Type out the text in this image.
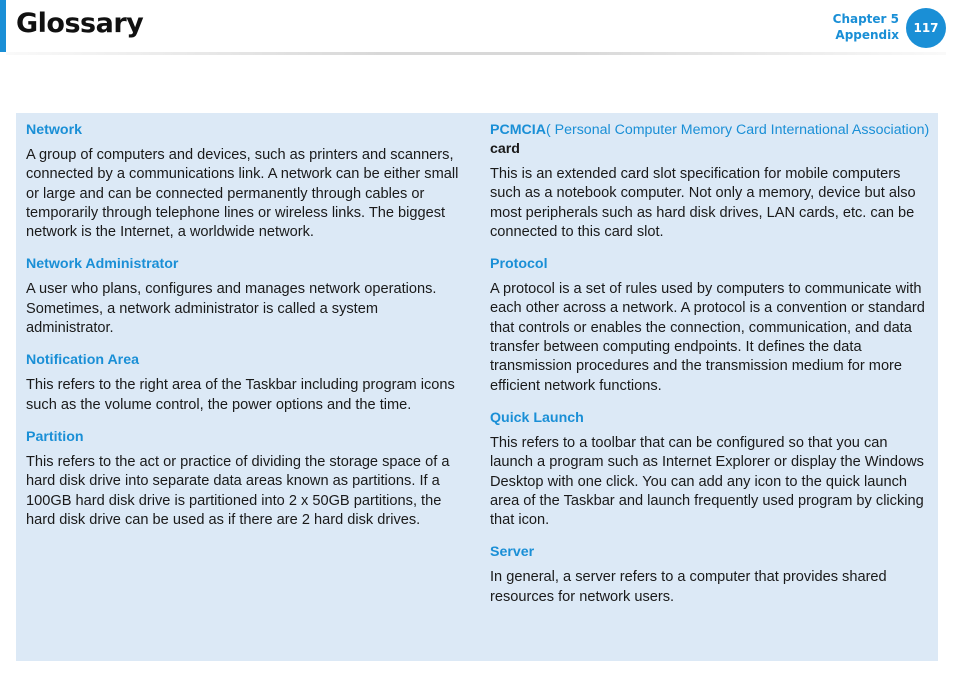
Glossary	Chapter 5
Appendix	117
Network
A group of computers and devices, such as printers and scanners, connected by a communications link. A network can be either small or large and can be connected permanently through cables or temporarily through telephone lines or wireless links. The biggest network is the Internet, a worldwide network.
Network Administrator
A user who plans, configures and manages network operations. Sometimes, a network administrator is called a system administrator.
Notification Area
This refers to the right area of the Taskbar including program icons such as the volume control, the power options and the time.
Partition
This refers to the act or practice of dividing the storage space of a hard disk drive into separate data areas known as partitions. If a 100GB hard disk drive is partitioned into 2 x 50GB partitions, the hard disk drive can be used as if there are 2 hard disk drives.
PCMCIA( Personal Computer Memory Card International Association) card
This is an extended card slot specification for mobile computers such as a notebook computer. Not only a memory, device but also most peripherals such as hard disk drives, LAN cards, etc. can be connected to this card slot.
Protocol
A protocol is a set of rules used by computers to communicate with each other across a network. A protocol is a convention or standard that controls or enables the connection, communication, and data transfer between computing endpoints. It defines the data transmission procedures and the transmission medium for more efficient network functions.
Quick Launch
This refers to a toolbar that can be configured so that you can launch a program such as Internet Explorer or display the Windows Desktop with one click. You can add any icon to the quick launch area of the Taskbar and launch frequently used program by clicking that icon.
Server
In general, a server refers to a computer that provides shared resources for network users.
